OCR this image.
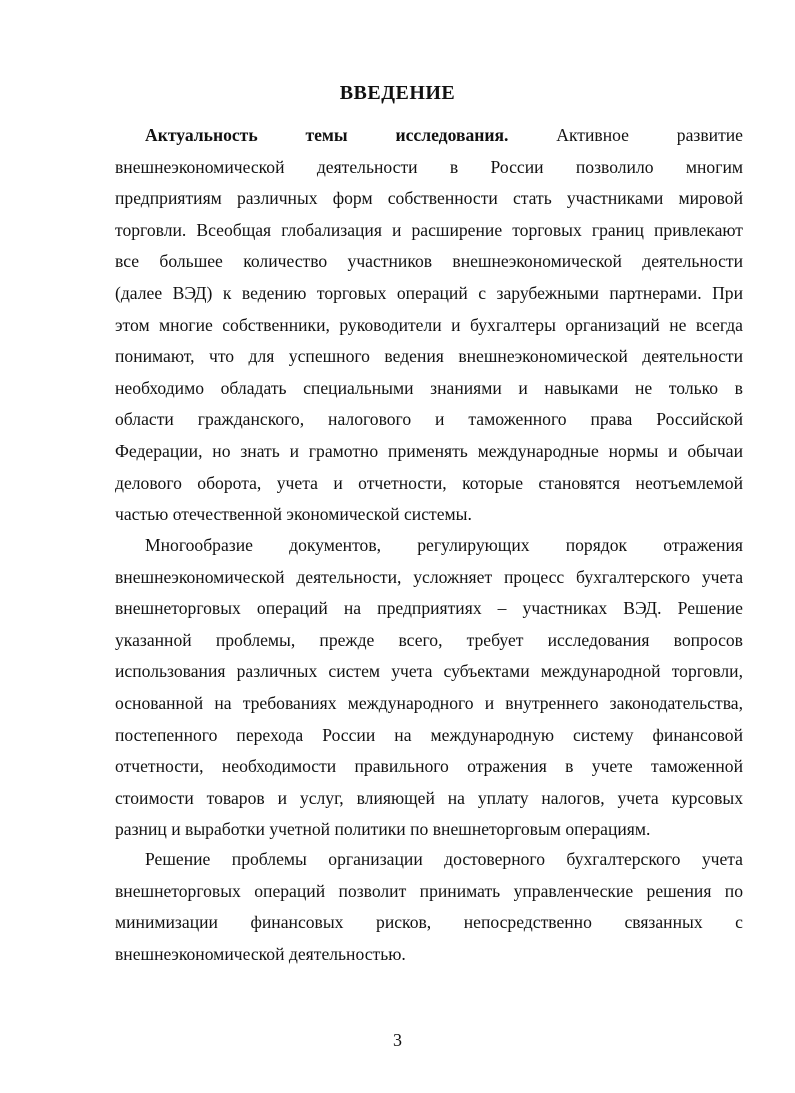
ВВЕДЕНИЕ
Актуальность темы исследования.	Активное развитие
внешнеэкономической деятельности в России позволило многим
предприятиям различных форм собственности стать участниками мировой
торговли. Всеобщая глобализация и расширение торговых границ привлекают
все большее количество участников внешнеэкономической деятельности
(далее ВЭД) к ведению торговых операций с зарубежными партнерами. При
этом многие собственники, руководители и бухгалтеры организаций не всегда
понимают, что для успешного ведения внешнеэкономической деятельности
необходимо обладать специальными знаниями и навыками не только в
области гражданского, налогового и таможенного права Российской
Федерации, но знать и грамотно применять международные нормы и обычаи
делового оборота, учета и отчетности, которые становятся неотъемлемой
частью отечественной экономической системы.
Многообразие документов, регулирующих порядок отражения
внешнеэкономической деятельности, усложняет процесс бухгалтерского учета
внешнеторговых операций на предприятиях – участниках ВЭД. Решение
указанной проблемы, прежде всего, требует исследования вопросов
использования различных систем учета субъектами международной торговли,
основанной на требованиях международного и внутреннего законодательства,
постепенного перехода России на международную систему финансовой
отчетности, необходимости правильного отражения в учете таможенной
стоимости товаров и услуг, влияющей на уплату налогов, учета курсовых
разниц и выработки учетной политики по внешнеторговым операциям.
Решение проблемы организации достоверного бухгалтерского учета
внешнеторговых операций позволит принимать управленческие решения по
минимизации финансовых рисков, непосредственно связанных с
внешнеэкономической деятельностью.
3
